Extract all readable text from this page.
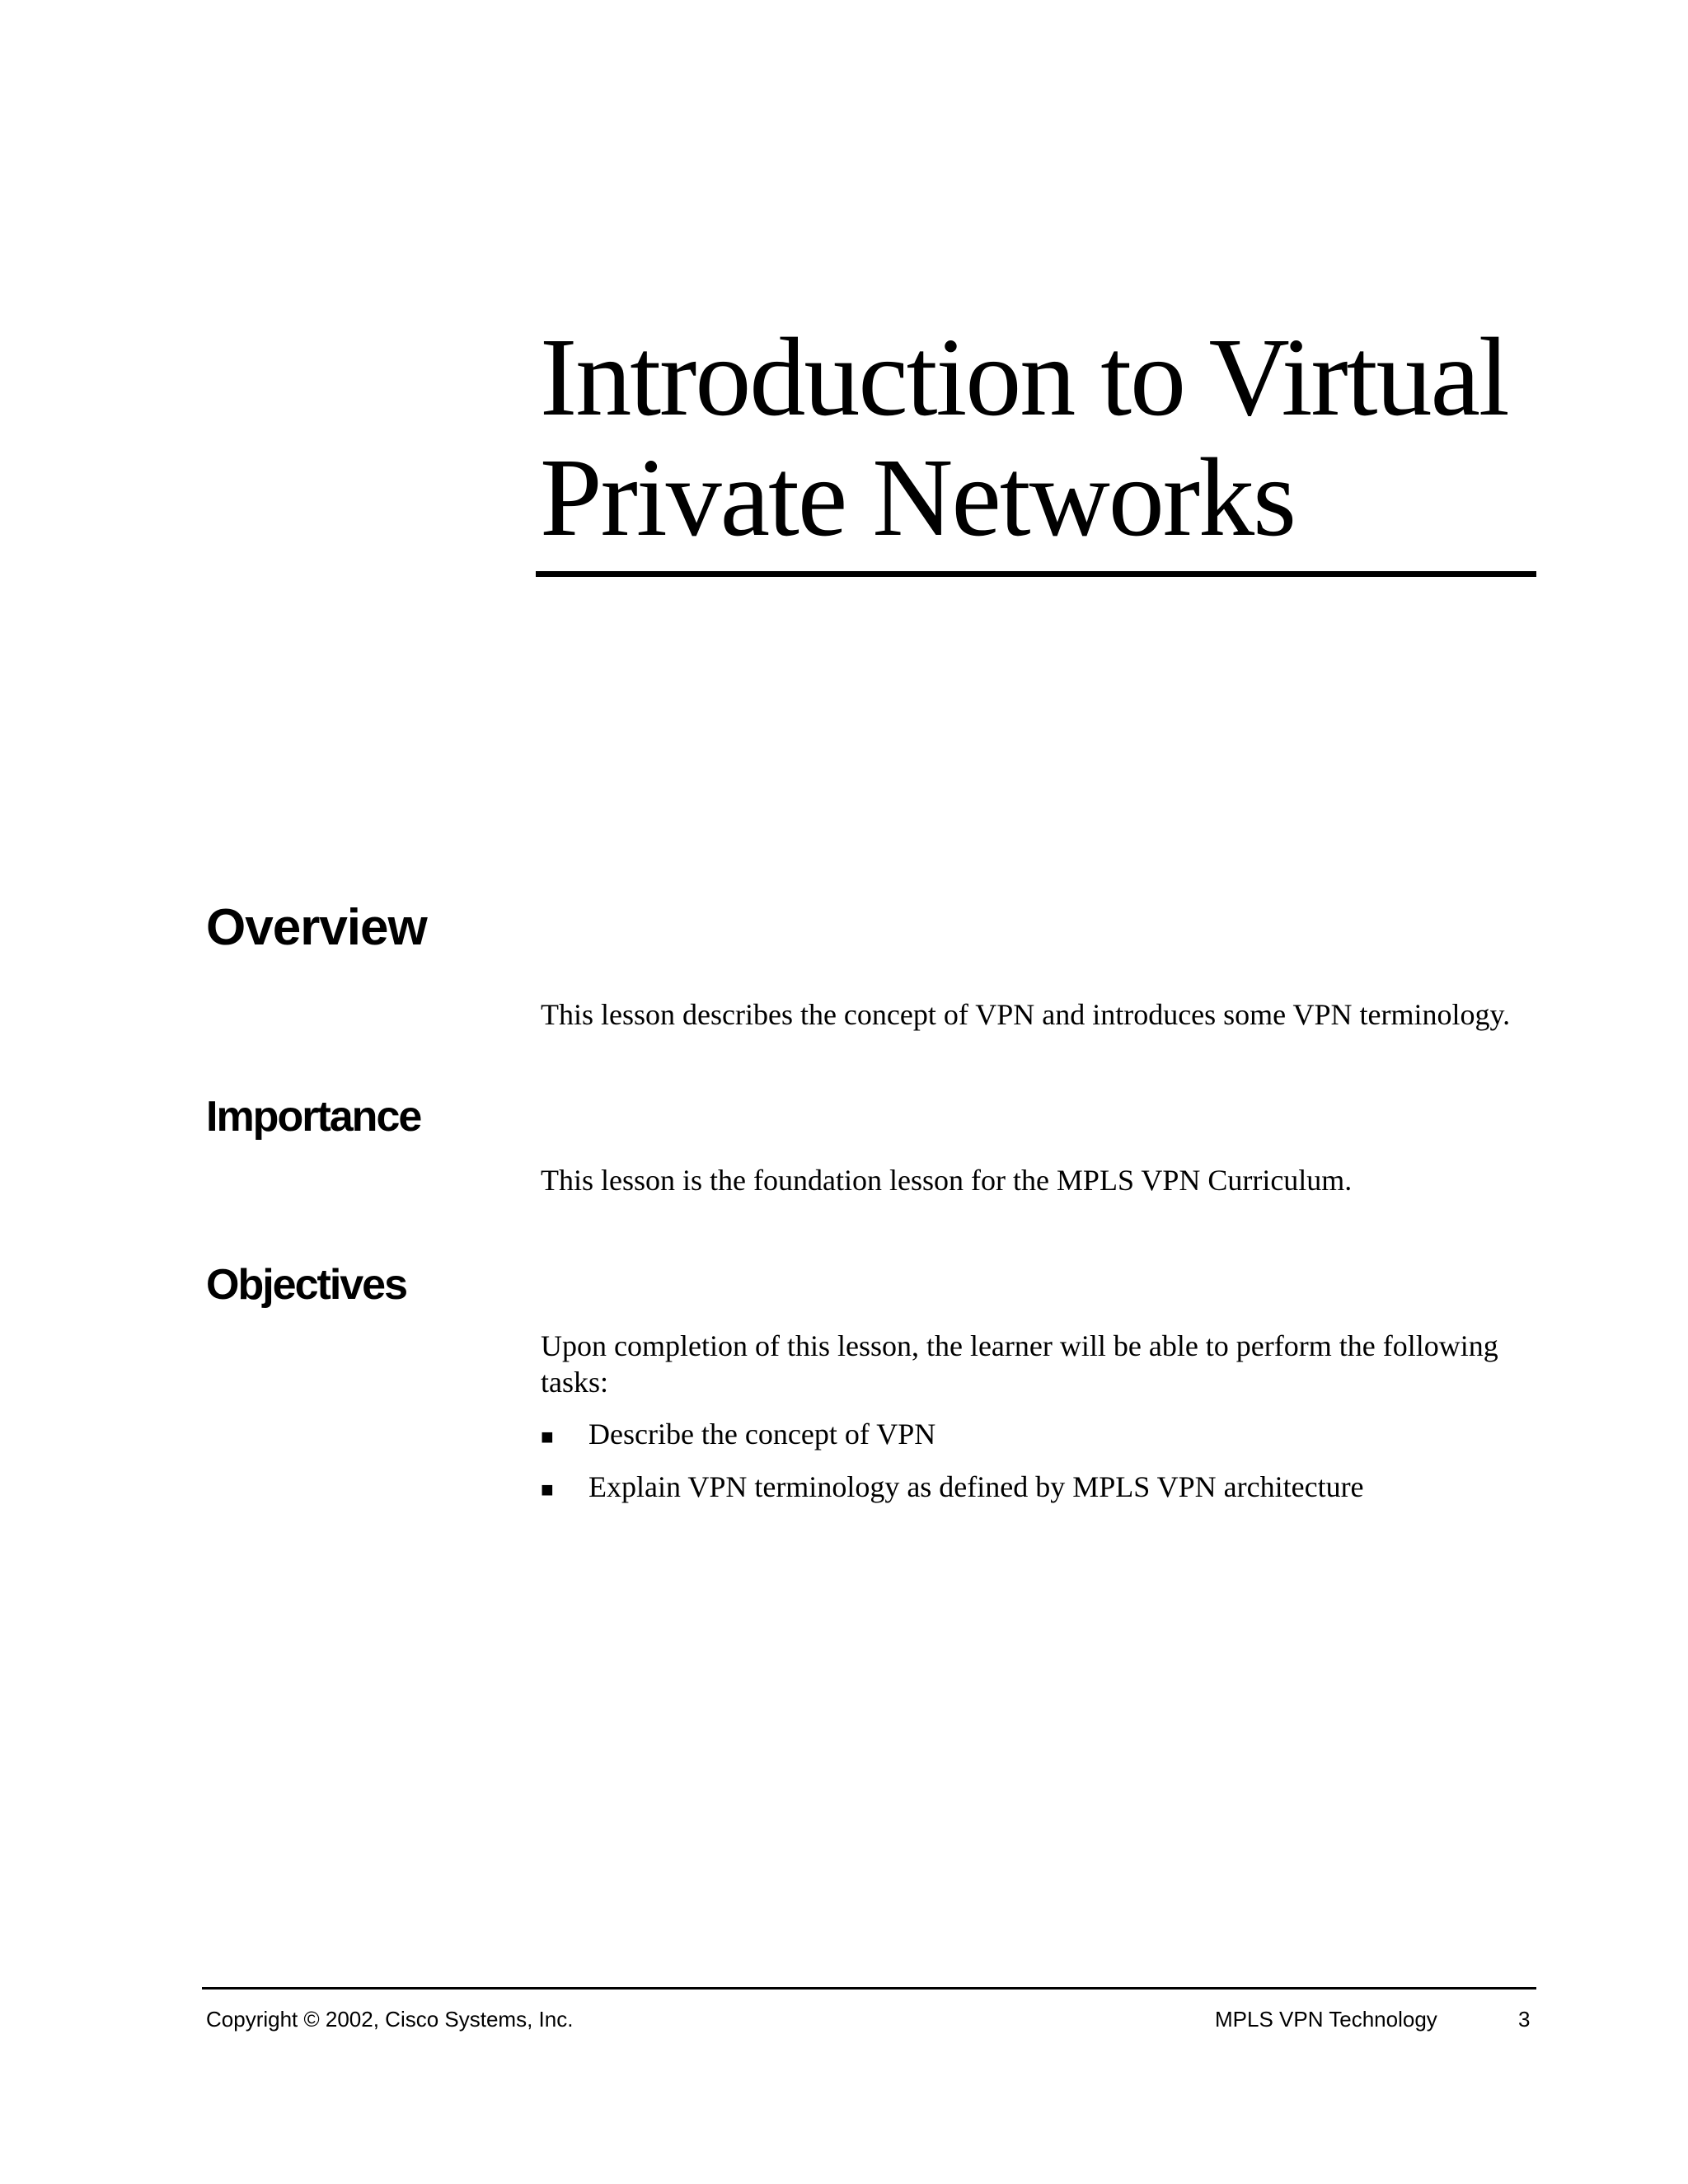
Introduction to Virtual
Private Networks
Overview

This lesson describes the concept of VPN and introduces some VPN terminology.

Importance

This lesson is the foundation lesson for the MPLS VPN Curriculum.

Objectives

Upon completion of this lesson, the learner will be able to perform the following tasks:

■	Describe the concept of VPN
■	Explain VPN terminology as defined by MPLS VPN architecture
Copyright © 2002, Cisco Systems, Inc.	MPLS VPN Technology	3
